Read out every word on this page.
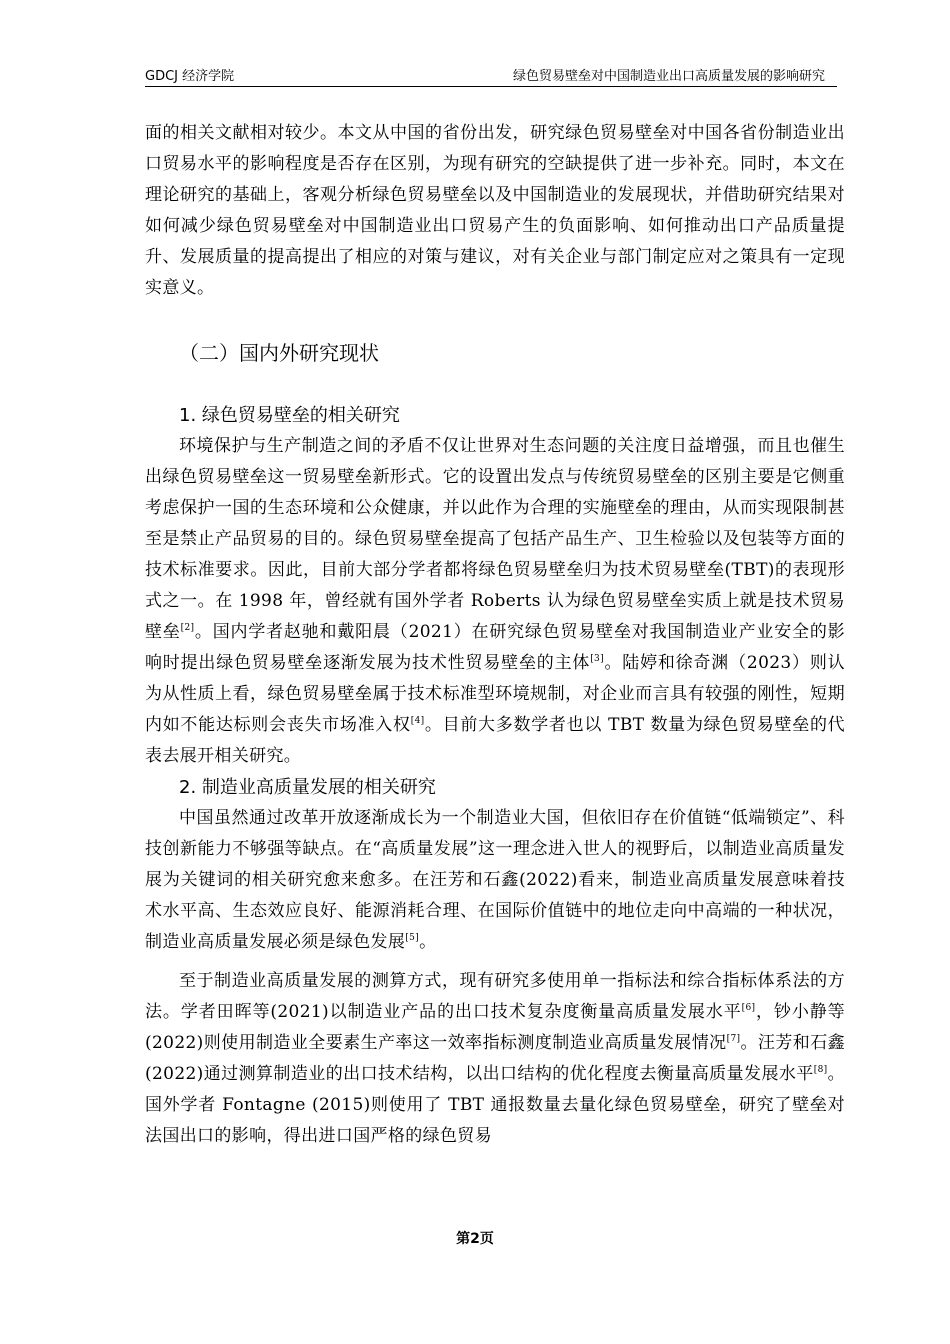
GDCJ 经济学院	绿色贸易壁垒对中国制造业出口高质量发展的影响研究

面的相关文献相对较少。本文从中国的省份出发，研究绿色贸易壁垒对中国各省份制造业出口贸易水平的影响程度是否存在区别，为现有研究的空缺提供了进一步补充。同时，本文在理论研究的基础上，客观分析绿色贸易壁垒以及中国制造业的发展现状，并借助研究结果对如何减少绿色贸易壁垒对中国制造业出口贸易产生的负面影响、如何推动出口产品质量提升、发展质量的提高提出了相应的对策与建议，对有关企业与部门制定应对之策具有一定现实意义。

（二）国内外研究现状
1. 绿色贸易壁垒的相关研究

环境保护与生产制造之间的矛盾不仅让世界对生态问题的关注度日益增强，而且也催生出绿色贸易壁垒这一贸易壁垒新形式。它的设置出发点与传统贸易壁垒的区别主要是它侧重考虑保护一国的生态环境和公众健康，并以此作为合理的实施壁垒的理由，从而实现限制甚至是禁止产品贸易的目的。绿色贸易壁垒提高了包括产品生产、卫生检验以及包装等方面的技术标准要求。因此，目前大部分学者都将绿色贸易壁垒归为技术贸易壁垒(TBT)的表现形式之一。在 1998 年，曾经就有国外学者 Roberts 认为绿色贸易壁垒实质上就是技术贸易壁垒[2]。国内学者赵驰和戴阳晨（2021）在研究绿色贸易壁垒对我国制造业产业安全的影响时提出绿色贸易壁垒逐渐发展为技术性贸易壁垒的主体[3]。陆婷和徐奇渊（2023）则认为从性质上看，绿色贸易壁垒属于技术标准型环境规制，对企业而言具有较强的刚性，短期内如不能达标则会丧失市场准入权[4]。目前大多数学者也以 TBT 数量为绿色贸易壁垒的代表去展开相关研究。

2. 制造业高质量发展的相关研究

中国虽然通过改革开放逐渐成长为一个制造业大国，但依旧存在价值链“低端锁定”、科技创新能力不够强等缺点。在“高质量发展”这一理念进入世人的视野后，以制造业高质量发展为关键词的相关研究愈来愈多。在汪芳和石鑫(2022)看来，制造业高质量发展意味着技术水平高、生态效应良好、能源消耗合理、在国际价值链中的地位走向中高端的一种状况，制造业高质量发展必须是绿色发展[5]。

至于制造业高质量发展的测算方式，现有研究多使用单一指标法和综合指标体系法的方法。学者田晖等(2021)以制造业产品的出口技术复杂度衡量高质量发展水平[6]，钞小静等(2022)则使用制造业全要素生产率这一效率指标测度制造业高质量发展情况[7]。汪芳和石鑫(2022)通过测算制造业的出口技术结构，以出口结构的优化程度去衡量高质量发展水平[8]。国外学者 Fontagne (2015)则使用了 TBT 通报数量去量化绿色贸易壁垒，研究了壁垒对法国出口的影响，得出进口国严格的绿色贸易

第2页
